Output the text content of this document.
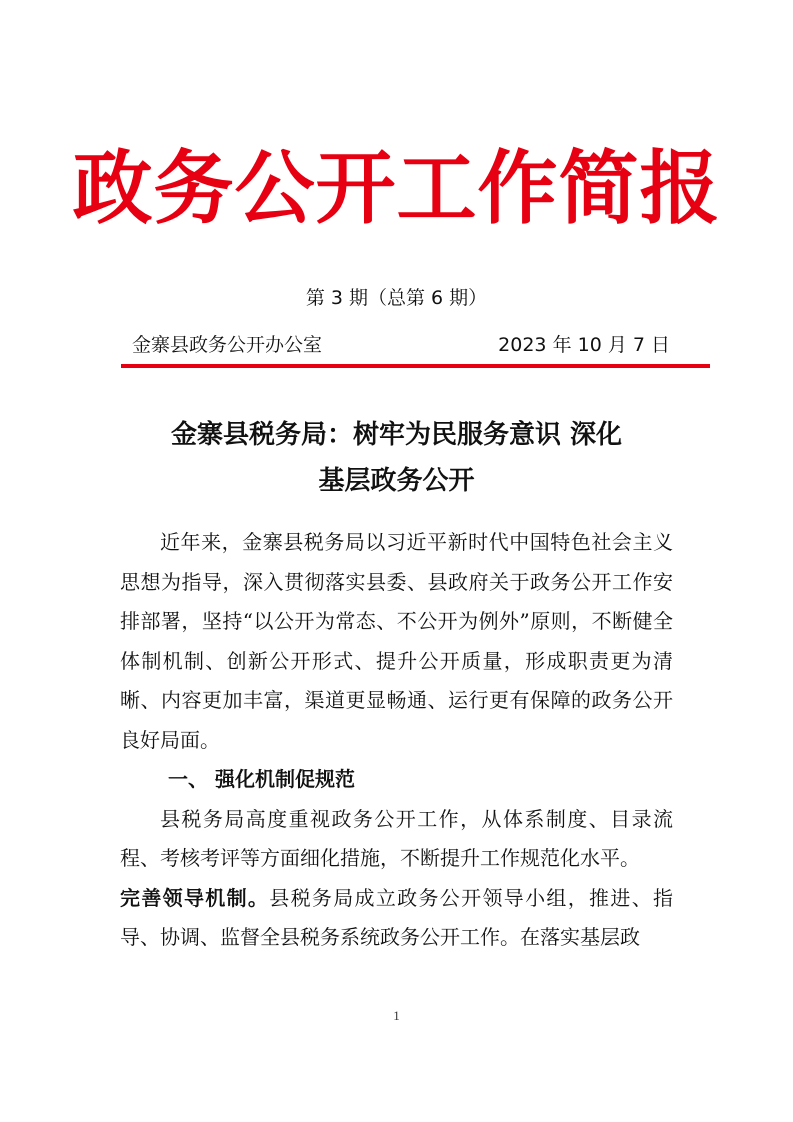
政务公开工作简报
第 3 期（总第 6 期）
金寨县政务公开办公室	2023 年 10 月 7 日
金寨县税务局：树牢为民服务意识 深化
基层政务公开

近年来，金寨县税务局以习近平新时代中国特色社会主义思想为指导，深入贯彻落实县委、县政府关于政务公开工作安排部署，坚持“以公开为常态、不公开为例外”原则，不断健全体制机制、创新公开形式、提升公开质量，形成职责更为清晰、内容更加丰富，渠道更显畅通、运行更有保障的政务公开良好局面。

一、 强化机制促规范

县税务局高度重视政务公开工作，从体系制度、目录流程、考核考评等方面细化措施，不断提升工作规范化水平。

完善领导机制。县税务局成立政务公开领导小组，推进、指导、协调、监督全县税务系统政务公开工作。在落实基层政

1
